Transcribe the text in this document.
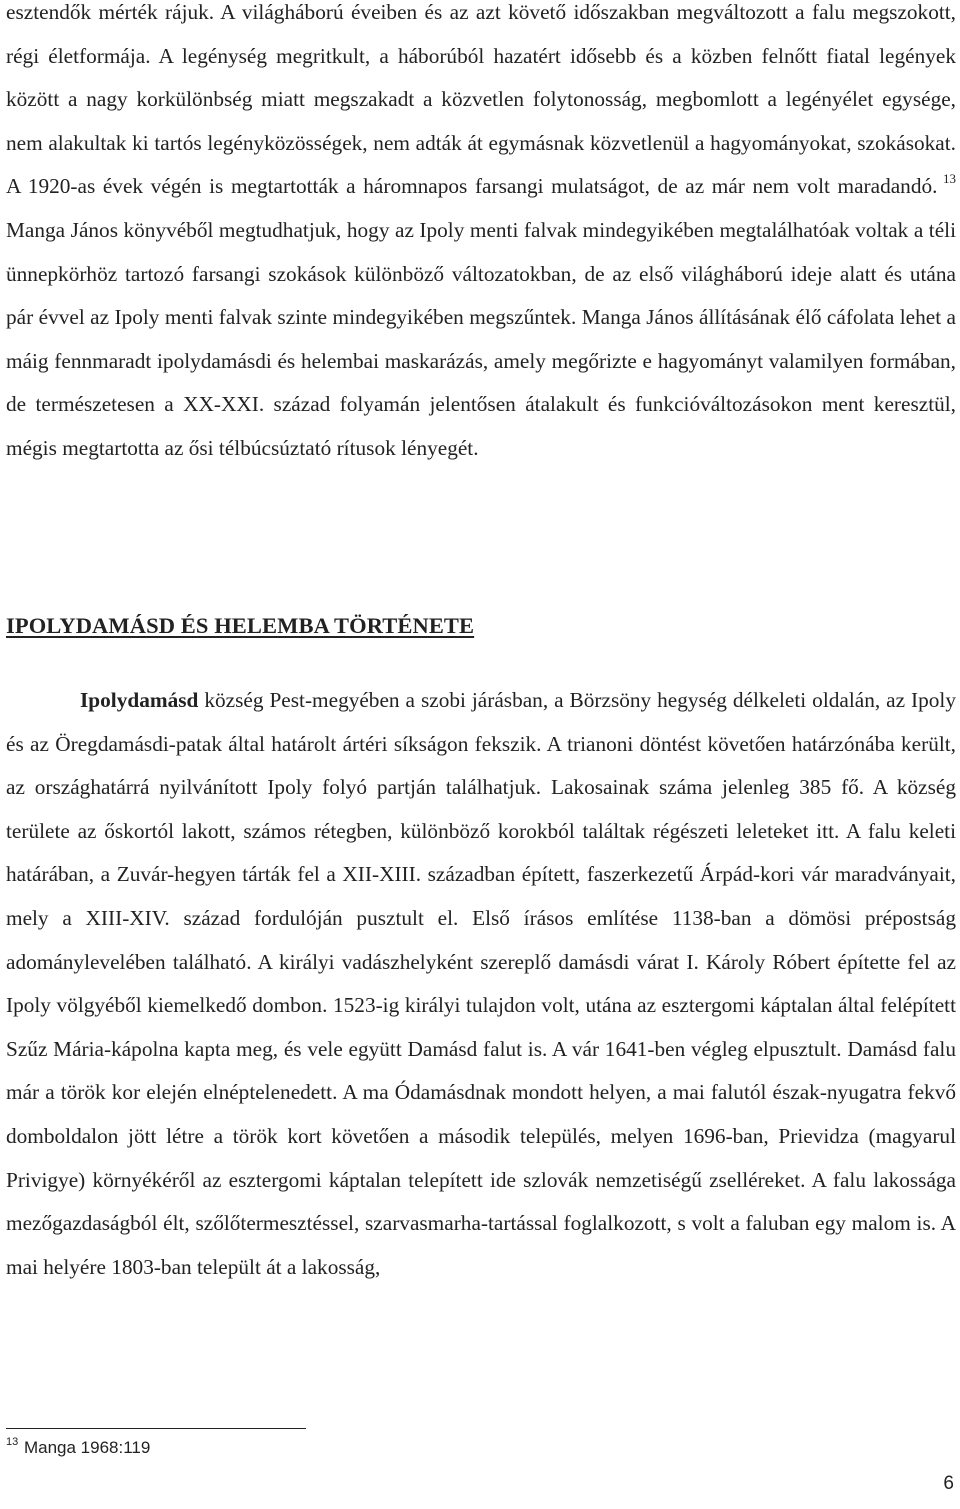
esztendők mérték rájuk. A világháború éveiben és az azt követő időszakban megváltozott a falu megszokott, régi életformája. A legénység megritkult, a háborúból hazatért idősebb és a közben felnőtt fiatal legények között a nagy korkülönbség miatt megszakadt a közvetlen folytonosság, megbomlott a legényélet egysége, nem alakultak ki tartós legényközösségek, nem adták át egymásnak közvetlenül a hagyományokat, szokásokat. A 1920-as évek végén is megtartották a háromnapos farsangi mulatságot, de az már nem volt maradandó. $^{13}$ Manga János könyvéből megtudhatjuk, hogy az Ipoly menti falvak mindegyikében megtalálhatóak voltak a téli ünnepkörhöz tartozó farsangi szokások különböző változatokban, de az első világháború ideje alatt és utána pár évvel az Ipoly menti falvak szinte mindegyikében megszűntek. Manga János állításának élő cáfolata lehet a máig fennmaradt ipolydamásdi és helembai maskarázás, amely megőrizte e hagyományt valamilyen formában, de természetesen a XX-XXI. század folyamán jelentősen átalakult és funkcióváltozásokon ment keresztül, mégis megtartotta az ősi télbúcsúztató rítusok lényegét.

IPOLYDAMÁSD ÉS HELEMBA TÖRTÉNETE

Ipolydamásd község Pest-megyében a szobi járásban, a Börzsöny hegység délkeleti oldalán, az Ipoly és az Öregdamásdi-patak által határolt ártéri síkságon fekszik. A trianoni döntést követően határzónába került, az országhatárrá nyilvánított Ipoly folyó partján találhatjuk. Lakosainak száma jelenleg 385 fő. A község területe az őskortól lakott, számos rétegben, különböző korokból találtak régészeti leleteket itt. A falu keleti határában, a Zuvár-hegyen tárták fel a XII-XIII. században épített, faszerkezetű Árpád-kori vár maradványait, mely a XIII-XIV. század fordulóján pusztult el. Első írásos említése 1138-ban a dömösi prépostság adománylevelében található. A királyi vadászhelyként szereplő damásdi várat I. Károly Róbert építette fel az Ipoly völgyéből kiemelkedő dombon. 1523-ig királyi tulajdon volt, utána az esztergomi káptalan által felépített Szűz Mária-kápolna kapta meg, és vele együtt Damásd falut is. A vár 1641-ben végleg elpusztult. Damásd falu már a török kor elején elnéptelenedett. A ma Ódamásdnak mondott helyen, a mai falutól észak-nyugatra fekvő domboldalon jött létre a török kort követően a második település, melyen 1696-ban, Prievidza (magyarul Privigye) környékéről az esztergomi káptalan telepített ide szlovák nemzetiségű zselléreket. A falu lakossága mezőgazdaságból élt, szőlőtermesztéssel, szarvasmarha-tartással foglalkozott, s volt a faluban egy malom is. A mai helyére 1803-ban települt át a lakosság,

$^{13}$ Manga 1968:119
6
